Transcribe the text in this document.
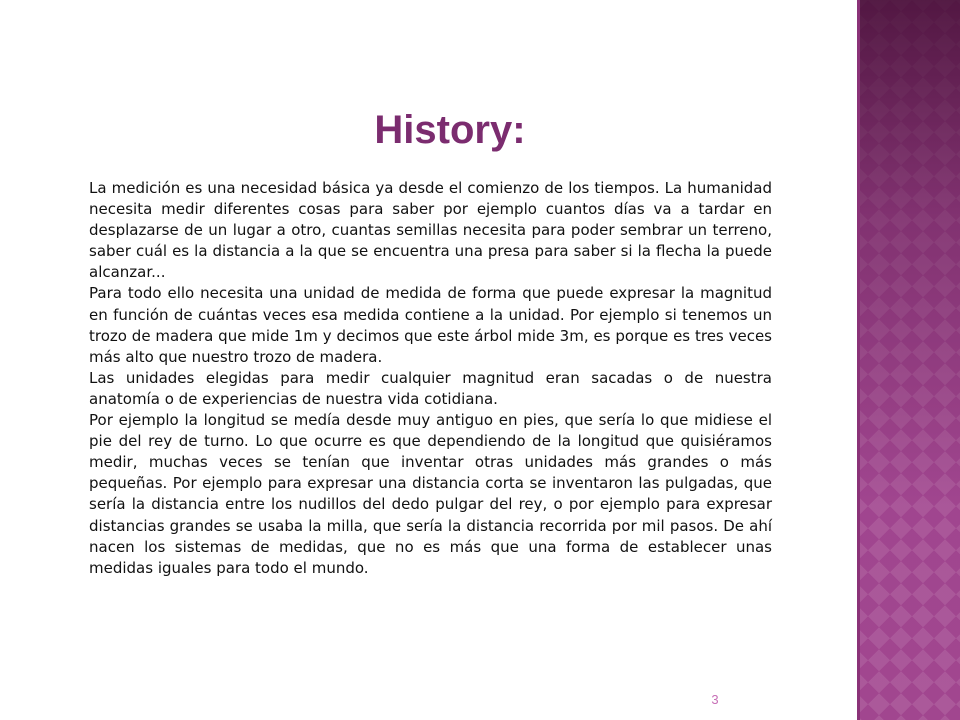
History:
La medición es una necesidad básica ya desde el comienzo de los tiempos. La humanidad necesita medir diferentes cosas para saber por ejemplo cuantos días va a tardar en desplazarse de un lugar a otro, cuantas semillas necesita para poder sembrar un terreno, saber cuál es la distancia a la que se encuentra una presa para saber si la flecha la puede alcanzar...
Para todo ello necesita una unidad de medida de forma que puede expresar la magnitud en función de cuántas veces esa medida contiene a la unidad. Por ejemplo si tenemos un trozo de madera que mide 1m y decimos que este árbol mide 3m, es porque es tres veces más alto que nuestro trozo de madera.
Las unidades elegidas para medir cualquier magnitud eran sacadas o de nuestra anatomía o de experiencias de nuestra vida cotidiana.
Por ejemplo la longitud se medía desde muy antiguo en pies, que sería lo que midiese el pie del rey de turno. Lo que ocurre es que dependiendo de la longitud que quisiéramos medir, muchas veces se tenían que inventar otras unidades más grandes o más pequeñas. Por ejemplo para expresar una distancia corta se inventaron las pulgadas, que sería la distancia entre los nudillos del dedo pulgar del rey, o por ejemplo para expresar distancias grandes se usaba la milla, que sería la distancia recorrida por mil pasos. De ahí nacen los sistemas de medidas, que no es más que una forma de establecer unas medidas iguales para todo el mundo.
3
